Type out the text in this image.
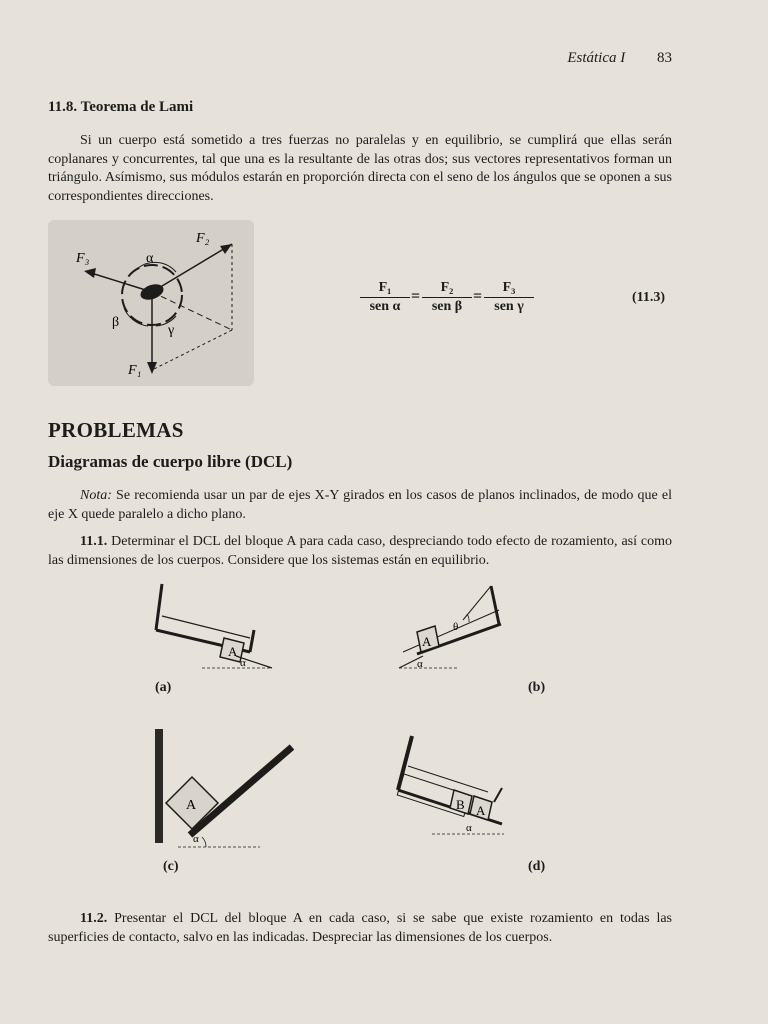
Estática I 83
11.8. Teorema de Lami

Si un cuerpo está sometido a tres fuerzas no paralelas y en equilibrio, se cumplirá que ellas serán coplanares y concurrentes, tal que una es la resultante de las otras dos; sus vectores representativos forman un triángulo. Asímismo, sus módulos estarán en proporción directa con el seno de los ángulos que se oponen a sus correspondientes direcciones.

F₂
F₃
F₁
α
β
γ
F₁
sen α
=
F₂
sen β
=
F₃
sen γ
(11.3)
PROBLEMAS
Diagramas de cuerpo libre (DCL)

Nota: Se recomienda usar un par de ejes X-Y girados en los casos de planos inclinados, de modo que el eje X quede paralelo a dicho plano.

11.1. Determinar el DCL del bloque A para cada caso, despreciando todo efecto de rozamiento, así como las dimensiones de los cuerpos. Considere que los sistemas están en equilibrio.

A
α
(a)
A
α
θ
(b)
A
α
(c)
B A
α
(d)

11.2. Presentar el DCL del bloque A en cada caso, si se sabe que existe rozamiento en todas las superficies de contacto, salvo en las indicadas. Despreciar las dimensiones de los cuerpos.
